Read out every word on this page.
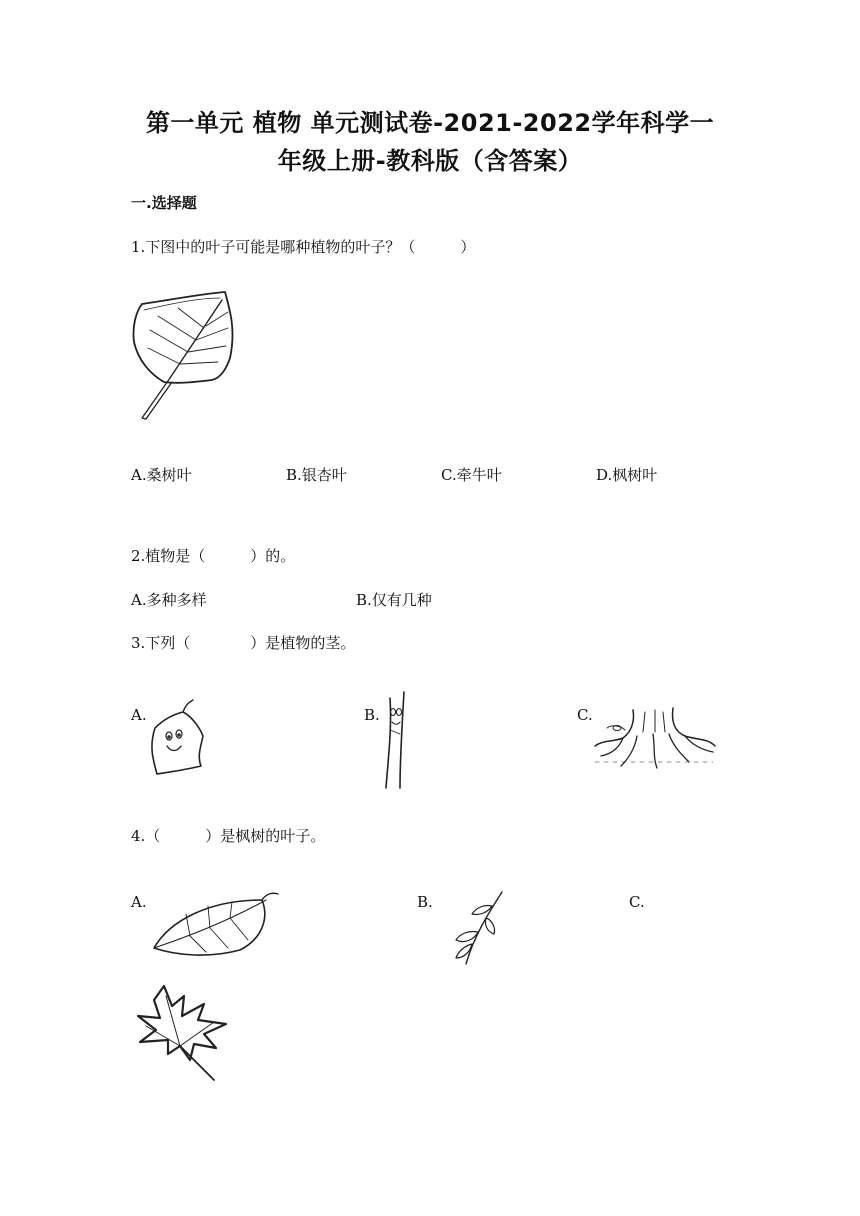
第一单元 植物 单元测试卷-2021-2022学年科学一
年级上册-教科版（含答案）
一.选择题
1.下图中的叶子可能是哪种植物的叶子？（　　　）
A.桑树叶	B.银杏叶	C.牵牛叶	D.枫树叶
2.植物是（　　　）的。
A.多种多样	B.仅有几种
3.下列（　　　　）是植物的茎。
A.	B.	C.
4.（　　　）是枫树的叶子。
A.	B.	C.
